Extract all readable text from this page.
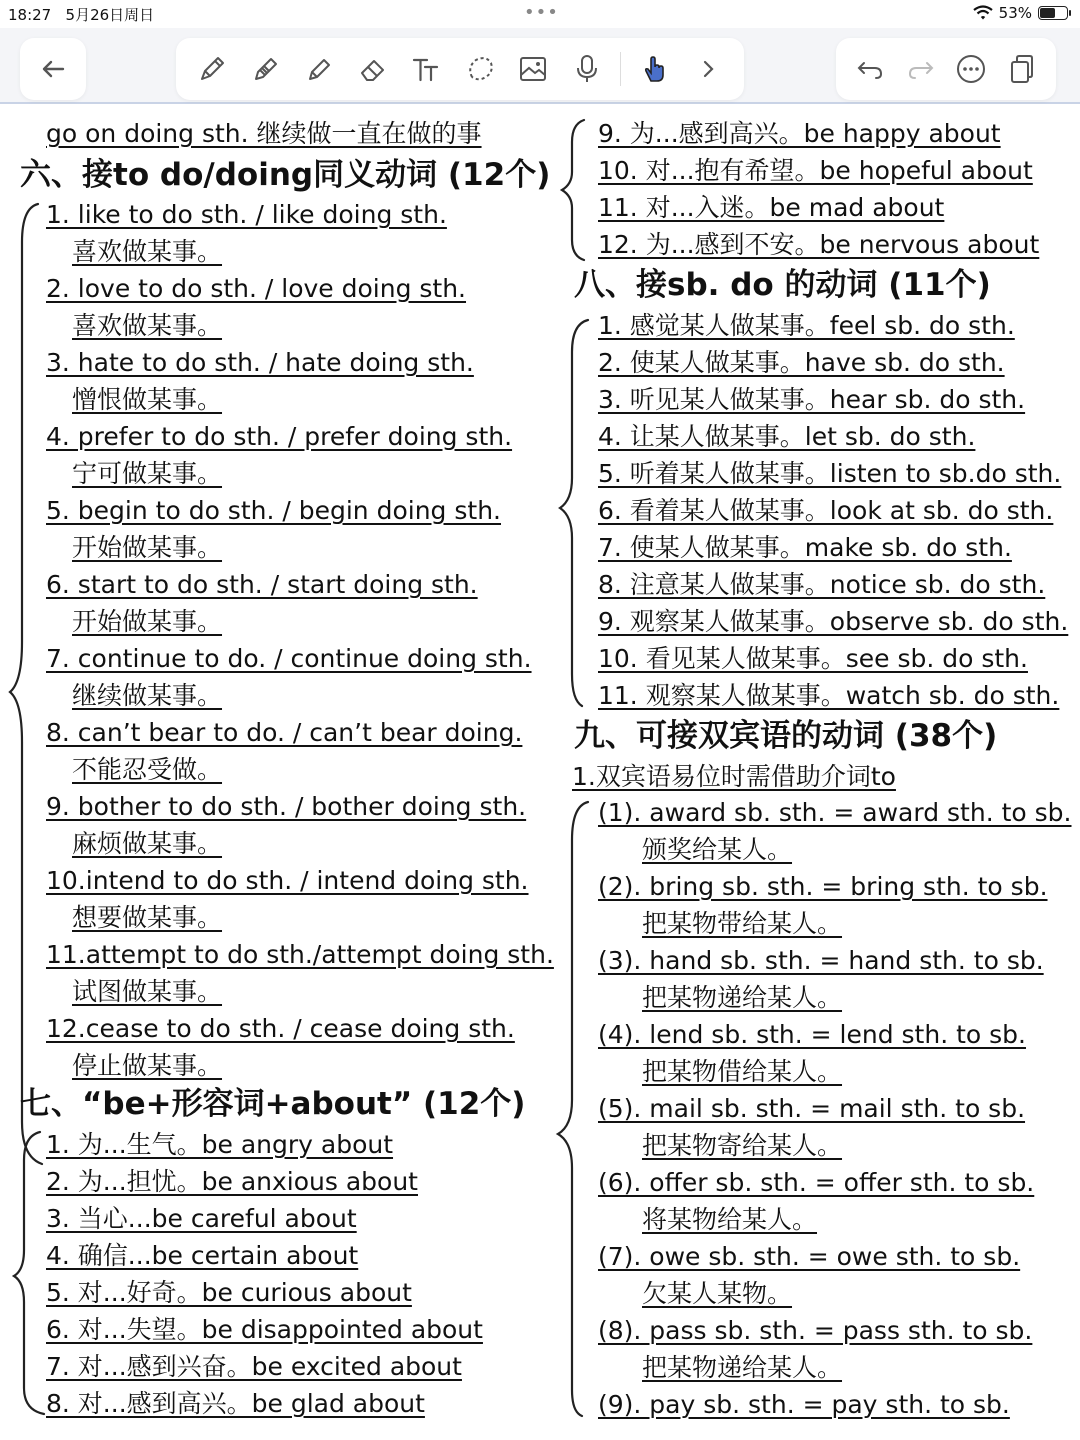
18:27 5月26日周日	•••	53%
go on doing sth. 继续做一直在做的事
六、接to do/doing同义动词 (12个)
1. like to do sth. / like doing sth.
喜欢做某事。
2. love to do sth. / love doing sth.
喜欢做某事。
3. hate to do sth. / hate doing sth.
憎恨做某事。
4. prefer to do sth. / prefer doing sth.
宁可做某事。
5. begin to do sth. / begin doing sth.
开始做某事。
6. start to do sth. / start doing sth.
开始做某事。
7. continue to do. / continue doing sth.
继续做某事。
8. can’t bear to do. / can’t bear doing.
不能忍受做。
9. bother to do sth. / bother doing sth.
麻烦做某事。
10.intend to do sth. / intend doing sth.
想要做某事。
11.attempt to do sth./attempt doing sth.
试图做某事。
12.cease to do sth. / cease doing sth.
停止做某事。
七、“be+形容词+about” (12个)
1. 为...生气。be angry about
2. 为...担忧。be anxious about
3. 当心...be careful about
4. 确信...be certain about
5. 对...好奇。be curious about
6. 对...失望。be disappointed about
7. 对...感到兴奋。be excited about
8. 对...感到高兴。be glad about
9. 为...感到高兴。be happy about
10. 对...抱有希望。be hopeful about
11. 对...入迷。be mad about
12. 为...感到不安。be nervous about
八、接sb. do 的动词 (11个)
1. 感觉某人做某事。feel sb. do sth.
2. 使某人做某事。have sb. do sth.
3. 听见某人做某事。hear sb. do sth.
4. 让某人做某事。let sb. do sth.
5. 听着某人做某事。listen to sb.do sth.
6. 看着某人做某事。look at sb. do sth.
7. 使某人做某事。make sb. do sth.
8. 注意某人做某事。notice sb. do sth.
9. 观察某人做某事。observe sb. do sth.
10. 看见某人做某事。see sb. do sth.
11. 观察某人做某事。watch sb. do sth.
九、可接双宾语的动词 (38个)
1.双宾语易位时需借助介词to
(1). award sb. sth. = award sth. to sb.
颁奖给某人。
(2). bring sb. sth. = bring sth. to sb.
把某物带给某人。
(3). hand sb. sth. = hand sth. to sb.
把某物递给某人。
(4). lend sb. sth. = lend sth. to sb.
把某物借给某人。
(5). mail sb. sth. = mail sth. to sb.
把某物寄给某人。
(6). offer sb. sth. = offer sth. to sb.
将某物给某人。
(7). owe sb. sth. = owe sth. to sb.
欠某人某物。
(8). pass sb. sth. = pass sth. to sb.
把某物递给某人。
(9). pay sb. sth. = pay sth. to sb.
